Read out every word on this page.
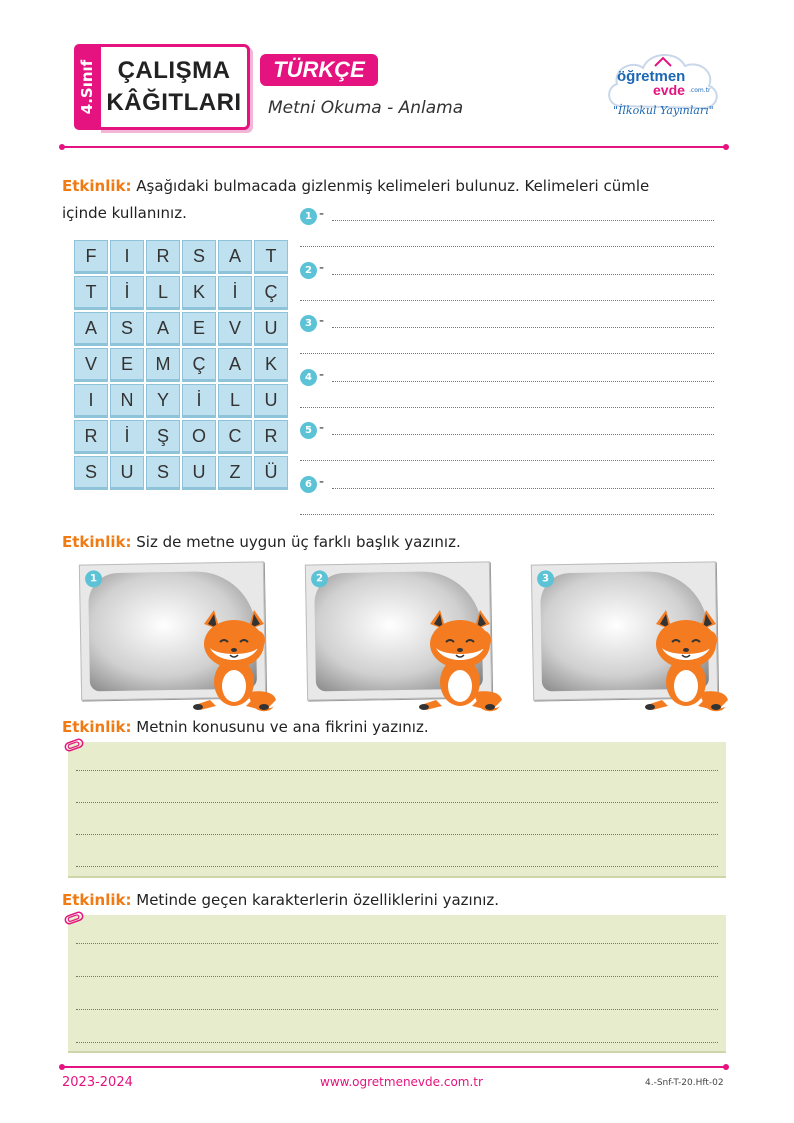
4.Sınıf ÇALIŞMA
KÂĞITLARI
TÜRKÇE
Metni Okuma - Anlama
öğretmen
evde .com.tr
"İlkokul Yayınları"
Etkinlik: Aşağıdaki bulmacada gizlenmiş kelimeleri bulunuz. Kelimeleri cümle
içinde kullanınız.
F	I	R	S	A	T
T	İ	L	K	İ	Ç
A	S	A	E	V	U
V	E	M	Ç	A	K
I	N	Y	İ	L	U
R	İ	Ş	O	C	R
S	U	S	U	Z	Ü
1 -
2 -
3 -
4 -
5 -
6 -
Etkinlik: Siz de metne uygun üç farklı başlık yazınız.
1	2	3
Etkinlik: Metnin konusunu ve ana fikrini yazınız.
Etkinlik: Metinde geçen karakterlerin özelliklerini yazınız.
2023-2024	www.ogretmenevde.com.tr	4.-Snf-T-20.Hft-02
